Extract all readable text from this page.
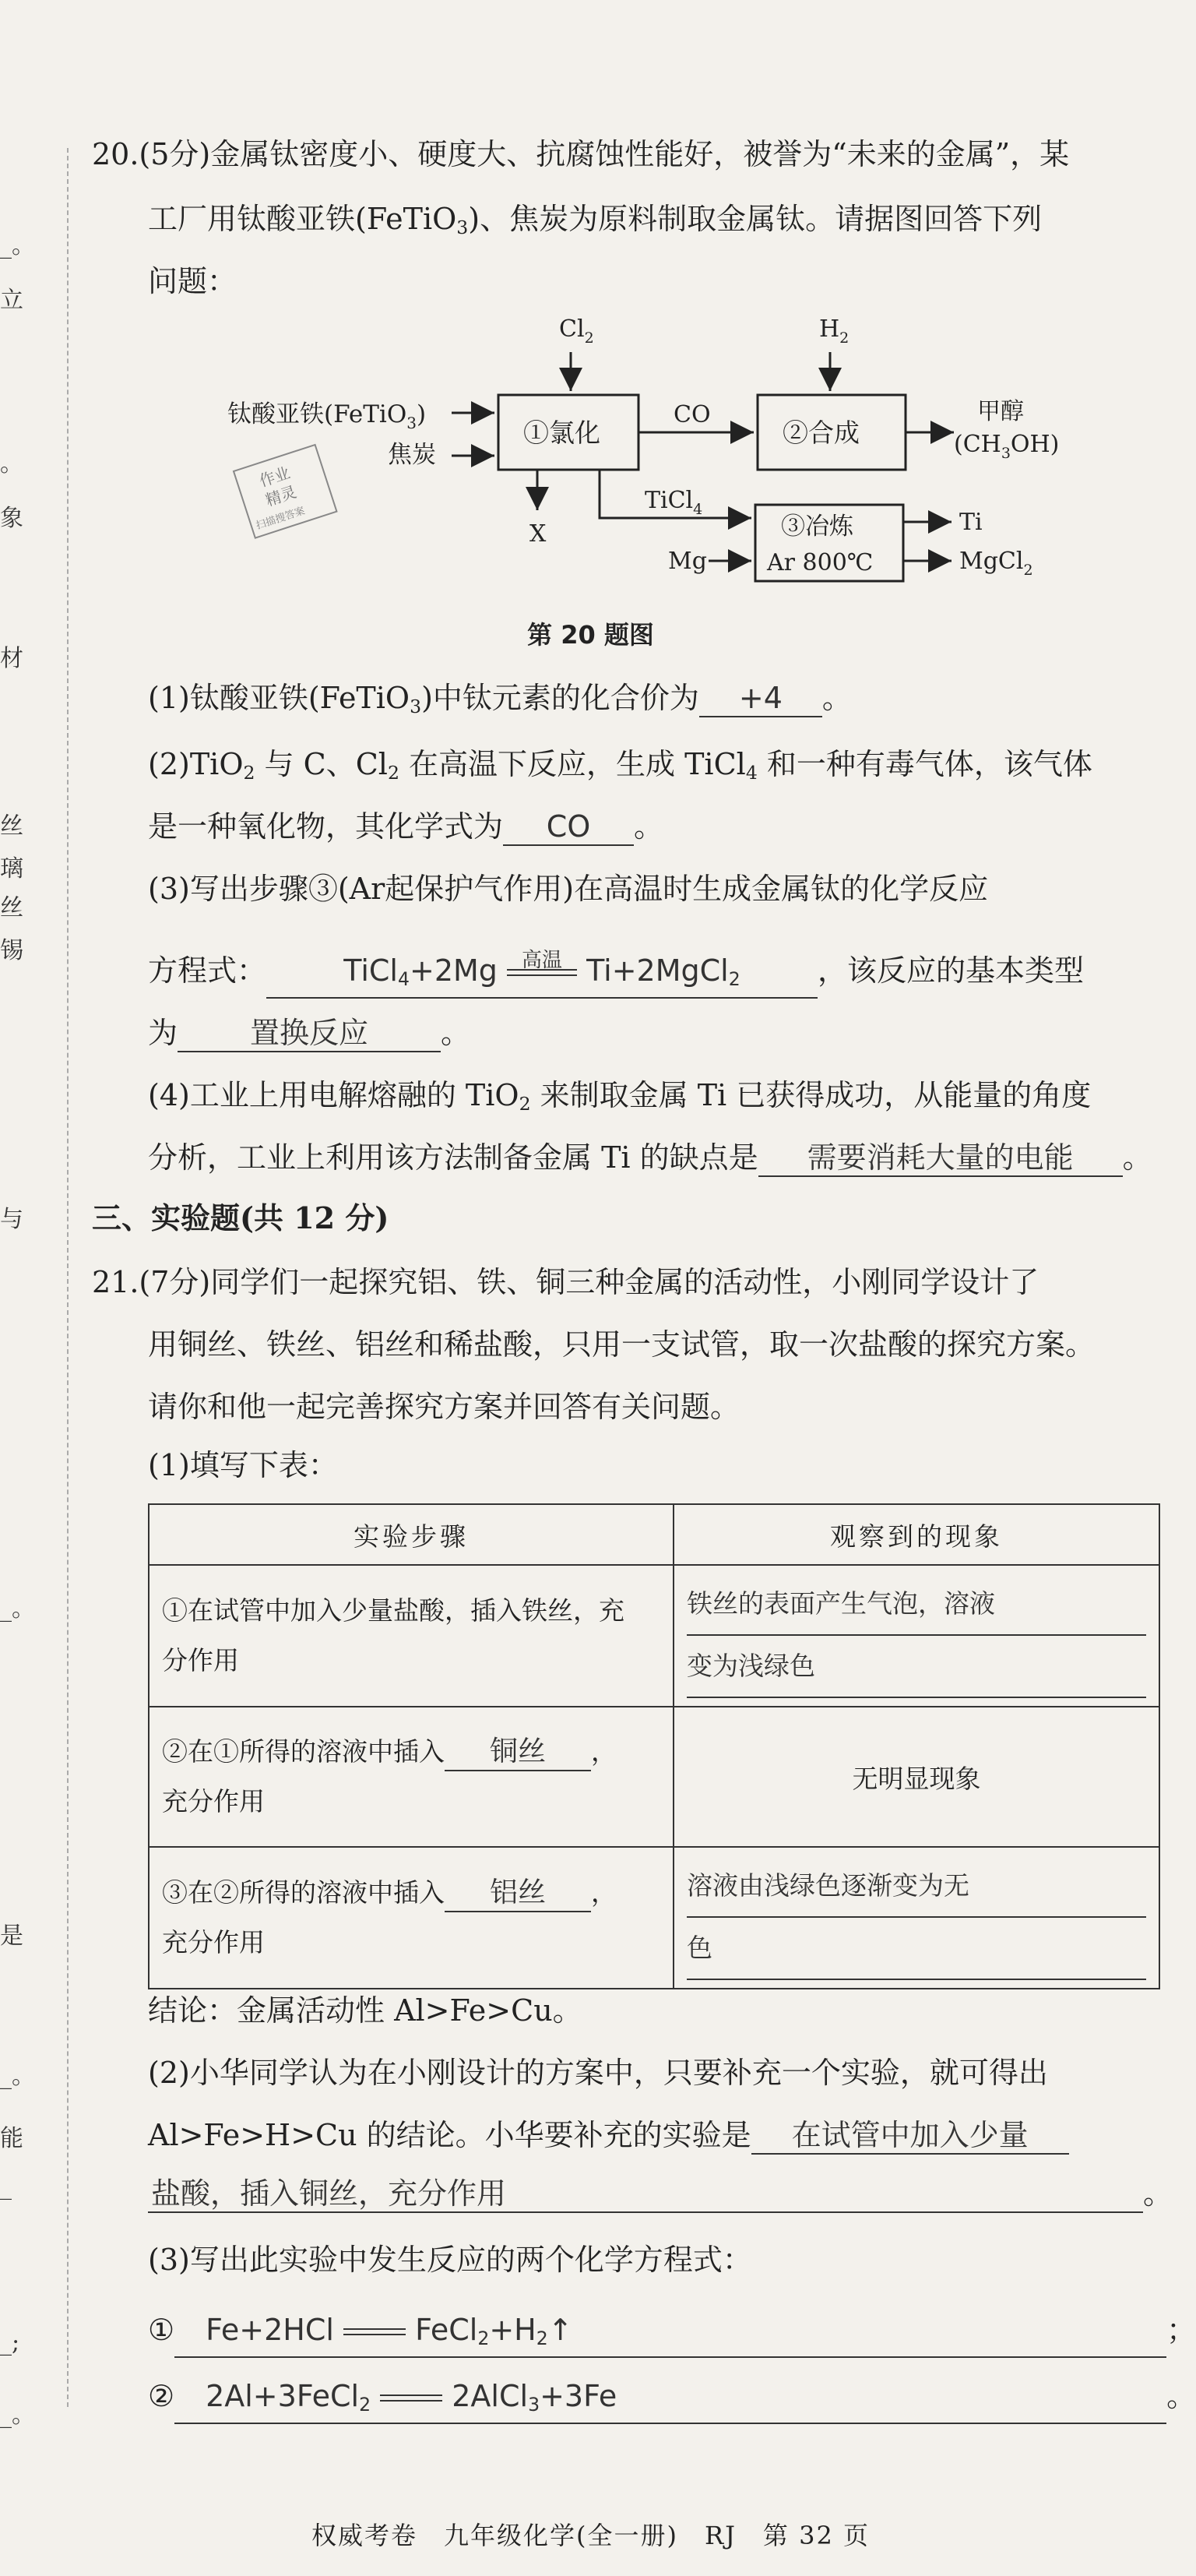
_。
立
。
象
材
丝
璃
丝
锡
与
_。
是
_。
能
_
_;
_。
20.(5分)金属钛密度小、硬度大、抗腐蚀性能好，被誉为“未来的金属”，某
工厂用钛酸亚铁(FeTiO$_3$)、焦炭为原料制取金属钛。请据图回答下列
问题：
$Cl_2$	$H_2$
钛酸亚铁(FeTiO$_3$)
焦炭
①氯化
CO
②合成
甲醇
$(CH_3OH)$
X
TiCl$_4$
③冶炼
Ar 800℃
Mg
Ti
MgCl$_2$
作业
精灵
扫描搜答案
第 20 题图
(1)钛酸亚铁(FeTiO$_3$)中钛元素的化合价为 +4 。
(2)TiO$_2$ 与 C、$Cl_2$ 在高温下反应，生成 TiCl$_4$ 和一种有毒气体，该气体
是一种氧化物，其化学式为 CO 。
(3)写出步骤③(Ar起保护气作用)在高温时生成金属钛的化学反应
方程式：	TiCl$_4$+2Mg	高温 Ti+2MgCl$_2$	，该反应的基本类型
为 置换反应 。
(4)工业上用电解熔融的 TiO$_2$ 来制取金属 Ti 已获得成功，从能量的角度
分析，工业上利用该方法制备金属 Ti 的缺点是 需要消耗大量的电能 。
三、实验题(共 12 分)
21.(7分)同学们一起探究铝、铁、铜三种金属的活动性，小刚同学设计了
用铜丝、铁丝、铝丝和稀盐酸，只用一支试管，取一次盐酸的探究方案。
请你和他一起完善探究方案并回答有关问题。
(1)填写下表：
实验步骤	观察到的现象
①在试管中加入少量盐酸，插入铁丝，充
分作用	铁丝的表面产生气泡，溶液
变为浅绿色

②在①所得的溶液中插入 铜丝 ，
充分作用	无明显现象
③在②所得的溶液中插入 铝丝 ，
充分作用	溶液由浅绿色逐渐变为无
色
结论：金属活动性 Al>Fe>Cu。
(2)小华同学认为在小刚设计的方案中，只要补充一个实验，就可得出
Al>Fe>H>Cu 的结论。小华要补充的实验是 在试管中加入少量
盐酸，插入铜丝，充分作用	。
(3)写出此实验中发生反应的两个化学方程式：
① Fe+2HCl	$FeCl_2+H_2↑$	；
② 2Al+3FeCl$_2$	2AlCl$_3$+3Fe	。
权威考卷　九年级化学(全一册)　RJ　第 32 页
